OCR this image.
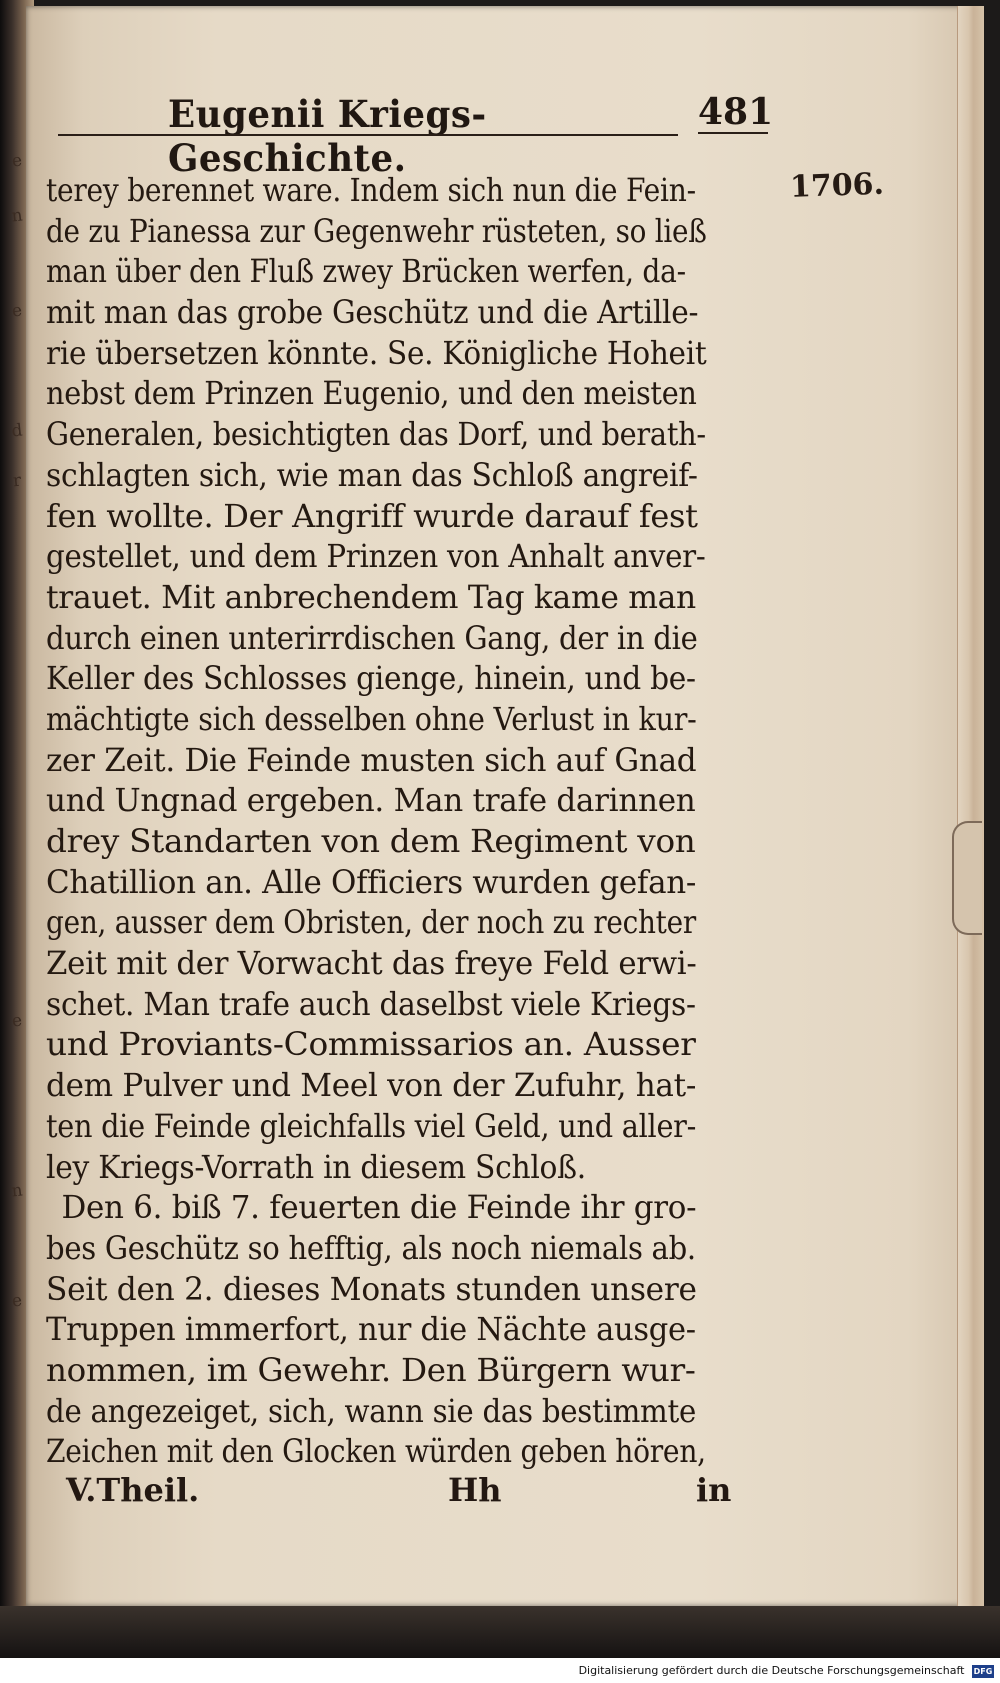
e
n
e
d
r
e
n
e
Eugenii Kriegs-Geschichte.
481
1706.
terey berennet ware. Indem sich nun die Fein-
de zu Pianessa zur Gegenwehr rüsteten, so ließ
man über den Fluß zwey Brücken werfen, da-
mit man das grobe Geschütz und die Artille-
rie übersetzen könnte. Se. Königliche Hoheit
nebst dem Prinzen Eugenio, und den meisten
Generalen, besichtigten das Dorf, und berath-
schlagten sich, wie man das Schloß angreif-
fen wollte. Der Angriff wurde darauf fest
gestellet, und dem Prinzen von Anhalt anver-
trauet. Mit anbrechendem Tag kame man
durch einen unterirrdischen Gang, der in die
Keller des Schlosses gienge, hinein, und be-
mächtigte sich desselben ohne Verlust in kur-
zer Zeit. Die Feinde musten sich auf Gnad
und Ungnad ergeben. Man trafe darinnen
drey Standarten von dem Regiment von
Chatillion an. Alle Officiers wurden gefan-
gen, ausser dem Obristen, der noch zu rechter
Zeit mit der Vorwacht das freye Feld erwi-
schet. Man trafe auch daselbst viele Kriegs-
und Proviants-Commissarios an. Ausser
dem Pulver und Meel von der Zufuhr, hat-
ten die Feinde gleichfalls viel Geld, und aller-
ley Kriegs-Vorrath in diesem Schloß.
Den 6. biß 7. feuerten die Feinde ihr gro-
bes Geschütz so hefftig, als noch niemals ab.
Seit den 2. dieses Monats stunden unsere
Truppen immerfort, nur die Nächte ausge-
nommen, im Gewehr. Den Bürgern wur-
de angezeiget, sich, wann sie das bestimmte
Zeichen mit den Glocken würden geben hören,
V.Theil.	Hh	in
Digitalisierung gefördert durch die Deutsche Forschungsgemeinschaft DFG
